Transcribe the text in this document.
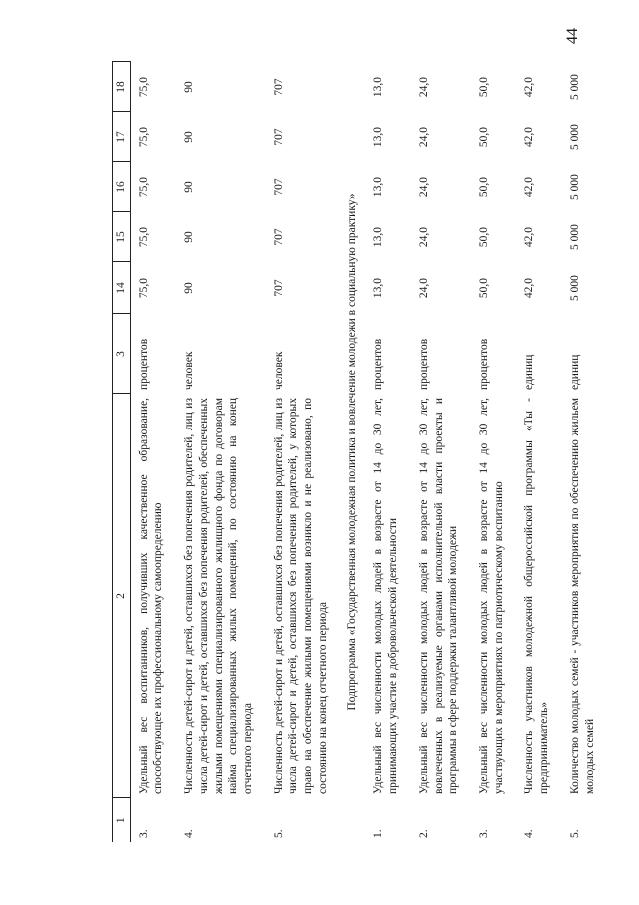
44
1	2	3	14	15	16	17	18
3.	Удельный вес воспитанников, получивших качественное образование, способствующее их профессиональному самоопределению	процентов	75,0	75,0	75,0	75,0	75,0
4.	Численность детей-сирот и детей, оставшихся без попечения родителей, лиц из числа детей-сирот и детей, оставшихся без попечения родителей, обеспеченных жилыми помещениями специализированного жилищного фонда по договорам найма специализированных жилых помещений, по состоянию на конец отчетного периода	человек	90	90	90	90	90
5.	Численность детей-сирот и детей, оставшихся без попечения родителей, лиц из числа детей-сирот и детей, оставшихся без попечения родителей, у которых право на обеспечение жилыми помещениями возникло и не реализовано, по состоянию на конец отчетного периода	человек	707	707	707	707	707
Подпрограмма «Государственная молодежная политика и вовлечение молодежи в социальную практику»							
1.	Удельный вес численности молодых людей в возрасте от 14 до 30 лет, принимающих участие в добровольческой деятельности	процентов	13,0	13,0	13,0	13,0	13,0
2.	Удельный вес численности молодых людей в возрасте от 14 до 30 лет, вовлеченных в реализуемые органами исполнительной власти проекты и программы в сфере поддержки талантливой молодежи	процентов	24,0	24,0	24,0	24,0	24,0
3.	Удельный вес численности молодых людей в возрасте от 14 до 30 лет, участвующих в мероприятиях по патриотическому воспитанию	процентов	50,0	50,0	50,0	50,0	50,0
4.	Численность участников молодежной общероссийской программы «Ты - предприниматель»	единиц	42,0	42,0	42,0	42,0	42,0
5.	Количество молодых семей - участников мероприятия по обеспечению жильем молодых семей	единиц	5 000	5 000	5 000	5 000	5 000
